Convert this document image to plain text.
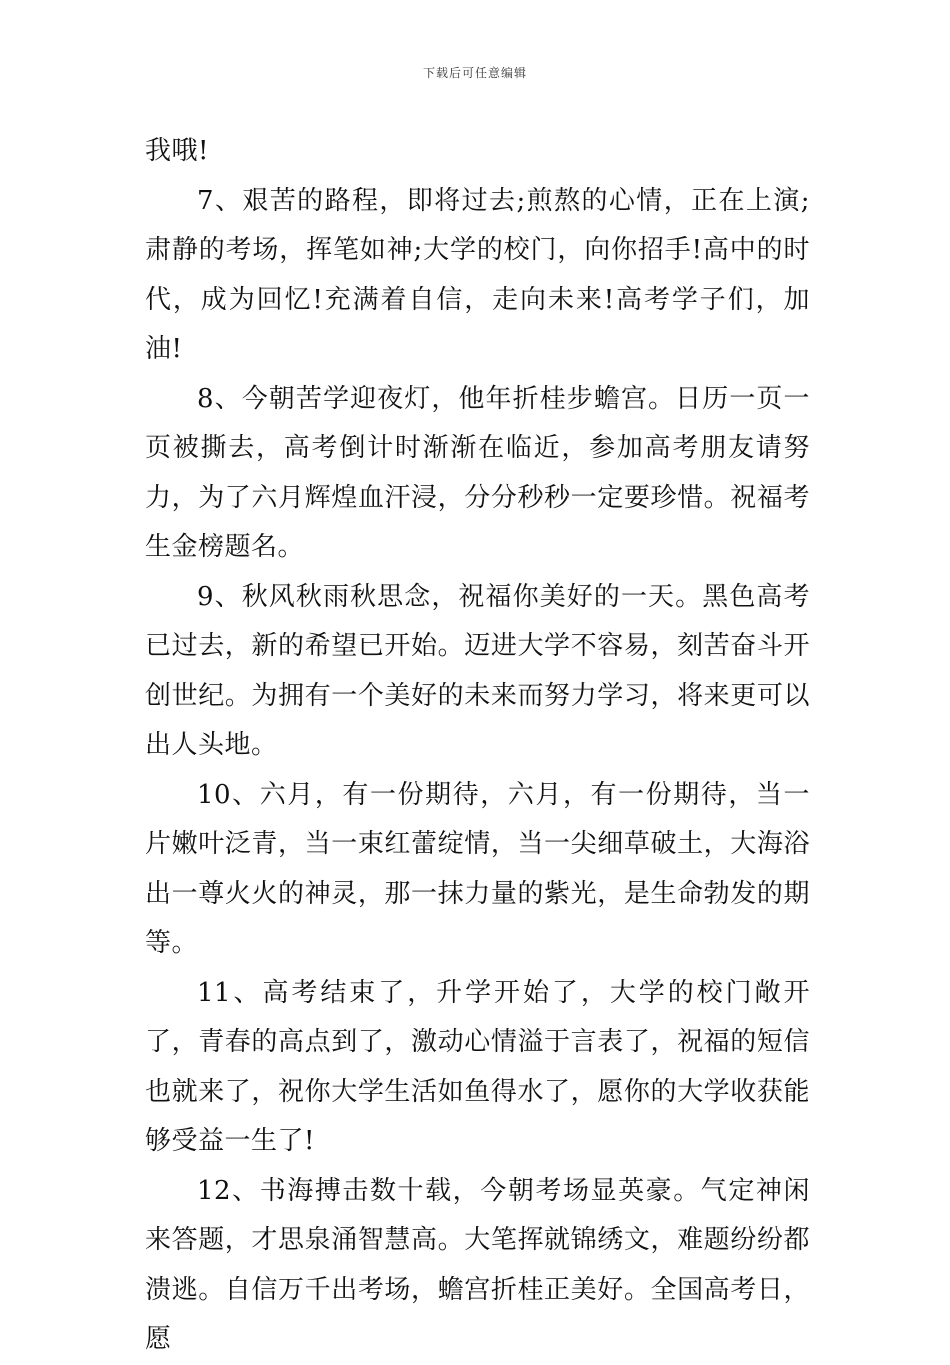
下载后可任意编辑

我哦!

7、艰苦的路程，即将过去;煎熬的心情，正在上演;肃静的考场，挥笔如神;大学的校门，向你招手!高中的时代，成为回忆!充满着自信，走向未来!高考学子们，加油!

8、今朝苦学迎夜灯，他年折桂步蟾宫。日历一页一页被撕去，高考倒计时渐渐在临近，参加高考朋友请努力，为了六月辉煌血汗浸，分分秒秒一定要珍惜。祝福考生金榜题名。

9、秋风秋雨秋思念，祝福你美好的一天。黑色高考已过去，新的希望已开始。迈进大学不容易，刻苦奋斗开创世纪。为拥有一个美好的未来而努力学习，将来更可以出人头地。

10、六月，有一份期待，六月，有一份期待，当一片嫩叶泛青，当一束红蕾绽情，当一尖细草破土，大海浴出一尊火火的神灵，那一抹力量的紫光，是生命勃发的期等。

11、高考结束了，升学开始了，大学的校门敞开了，青春的高点到了，激动心情溢于言表了，祝福的短信也就来了，祝你大学生活如鱼得水了，愿你的大学收获能够受益一生了!

12、书海搏击数十载，今朝考场显英豪。气定神闲来答题，才思泉涌智慧高。大笔挥就锦绣文，难题纷纷都溃逃。自信万千出考场，蟾宫折桂正美好。全国高考日，愿
